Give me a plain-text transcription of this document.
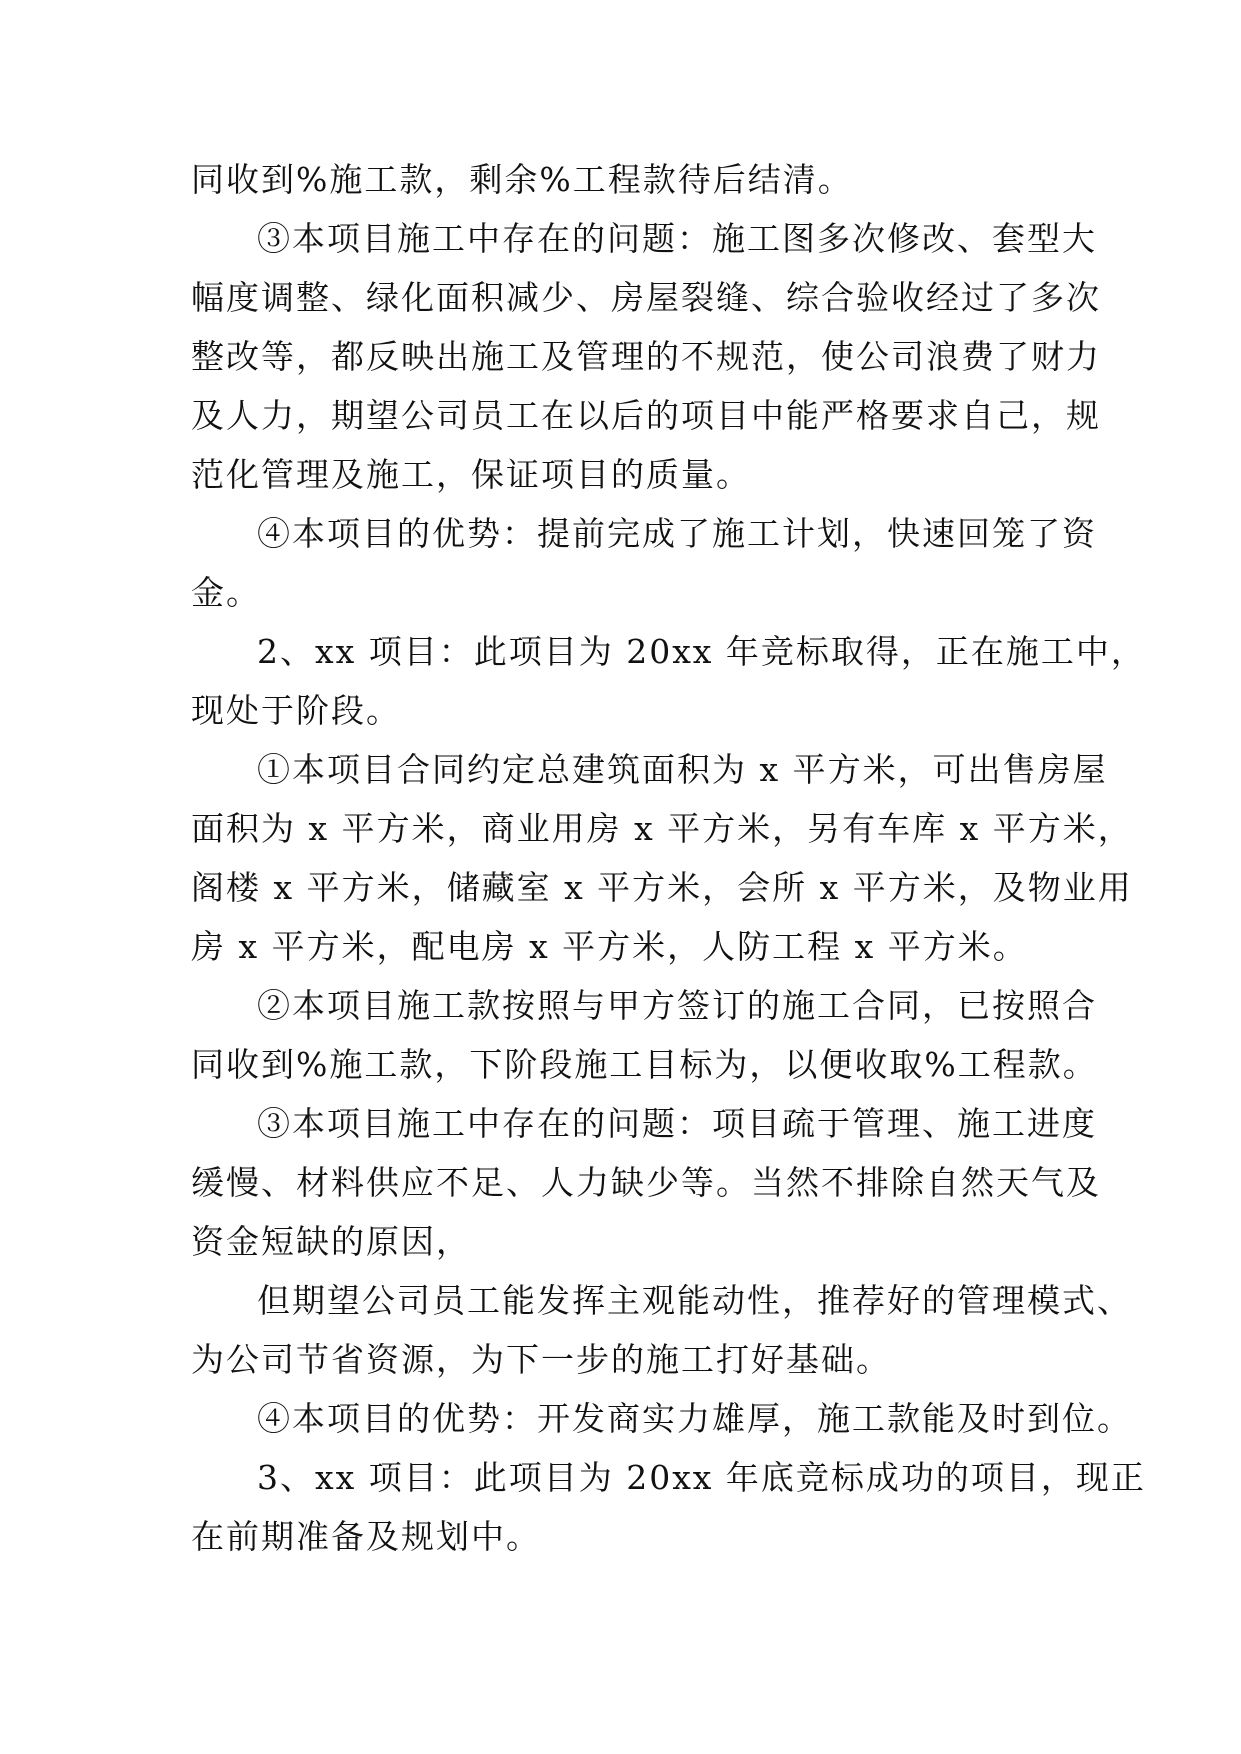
同收到%施工款，剩余%工程款待后结清。
③本项目施工中存在的问题：施工图多次修改、套型大
幅度调整、绿化面积减少、房屋裂缝、综合验收经过了多次
整改等，都反映出施工及管理的不规范，使公司浪费了财力
及人力，期望公司员工在以后的项目中能严格要求自己，规
范化管理及施工，保证项目的质量。
④本项目的优势：提前完成了施工计划，快速回笼了资
金。
2、xx 项目：此项目为 20xx 年竞标取得，正在施工中，
现处于阶段。
①本项目合同约定总建筑面积为 x 平方米，可出售房屋
面积为 x 平方米，商业用房 x 平方米，另有车库 x 平方米，
阁楼 x 平方米，储藏室 x 平方米，会所 x 平方米，及物业用
房 x 平方米，配电房 x 平方米，人防工程 x 平方米。
②本项目施工款按照与甲方签订的施工合同，已按照合
同收到%施工款，下阶段施工目标为，以便收取%工程款。
③本项目施工中存在的问题：项目疏于管理、施工进度
缓慢、材料供应不足、人力缺少等。当然不排除自然天气及
资金短缺的原因，
但期望公司员工能发挥主观能动性，推荐好的管理模式、
为公司节省资源，为下一步的施工打好基础。
④本项目的优势：开发商实力雄厚，施工款能及时到位。
3、xx 项目：此项目为 20xx 年底竞标成功的项目，现正
在前期准备及规划中。
